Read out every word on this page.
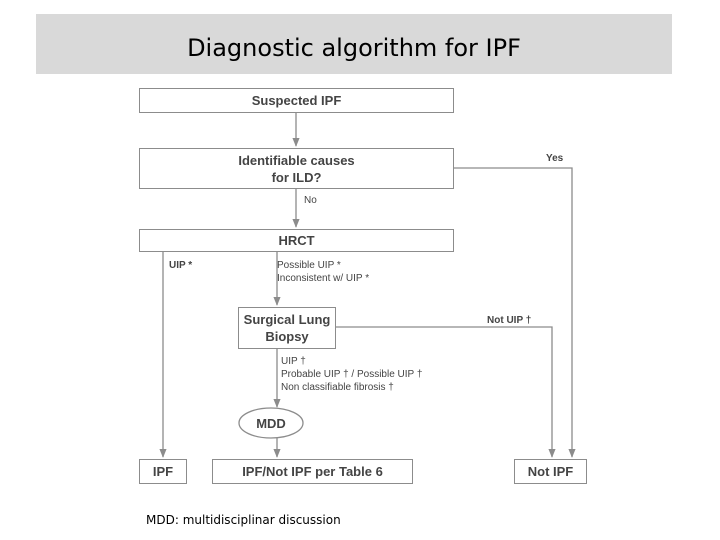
Diagnostic algorithm for IPF
Suspected IPF
Identifiable causes
for ILD?
HRCT
Surgical Lung
Biopsy
MDD
IPF	IPF/Not IPF per Table 6	Not IPF
Yes
No
UIP *	Possible UIP *
Inconsistent w/ UIP *
Not UIP †
UIP †
Probable UIP † / Possible UIP †
Non classifiable fibrosis †
MDD: multidisciplinar discussion
